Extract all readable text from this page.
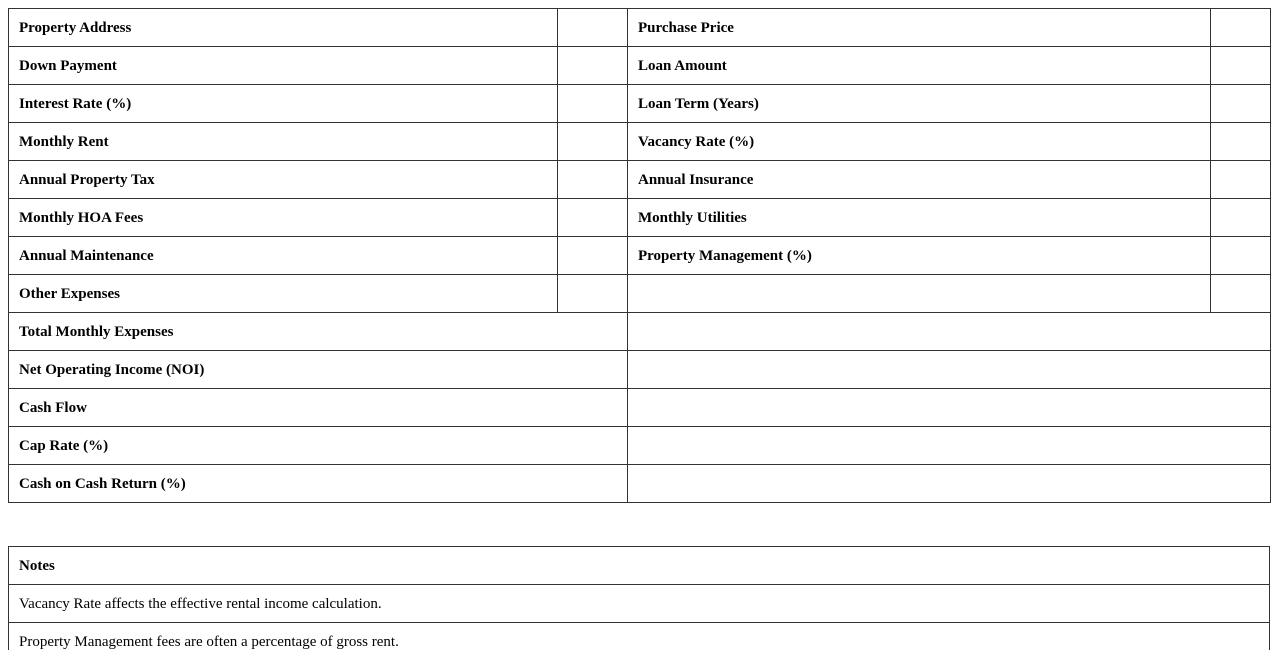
Property Address		Purchase Price	
Down Payment		Loan Amount	
Interest Rate (%)		Loan Term (Years)	
Monthly Rent		Vacancy Rate (%)	
Annual Property Tax		Annual Insurance	
Monthly HOA Fees		Monthly Utilities	
Annual Maintenance		Property Management (%)	
Other Expenses			
Total Monthly Expenses			
Net Operating Income (NOI)			
Cash Flow			
Cap Rate (%)			
Cash on Cash Return (%)			
Notes
Vacancy Rate affects the effective rental income calculation.
Property Management fees are often a percentage of gross rent.
